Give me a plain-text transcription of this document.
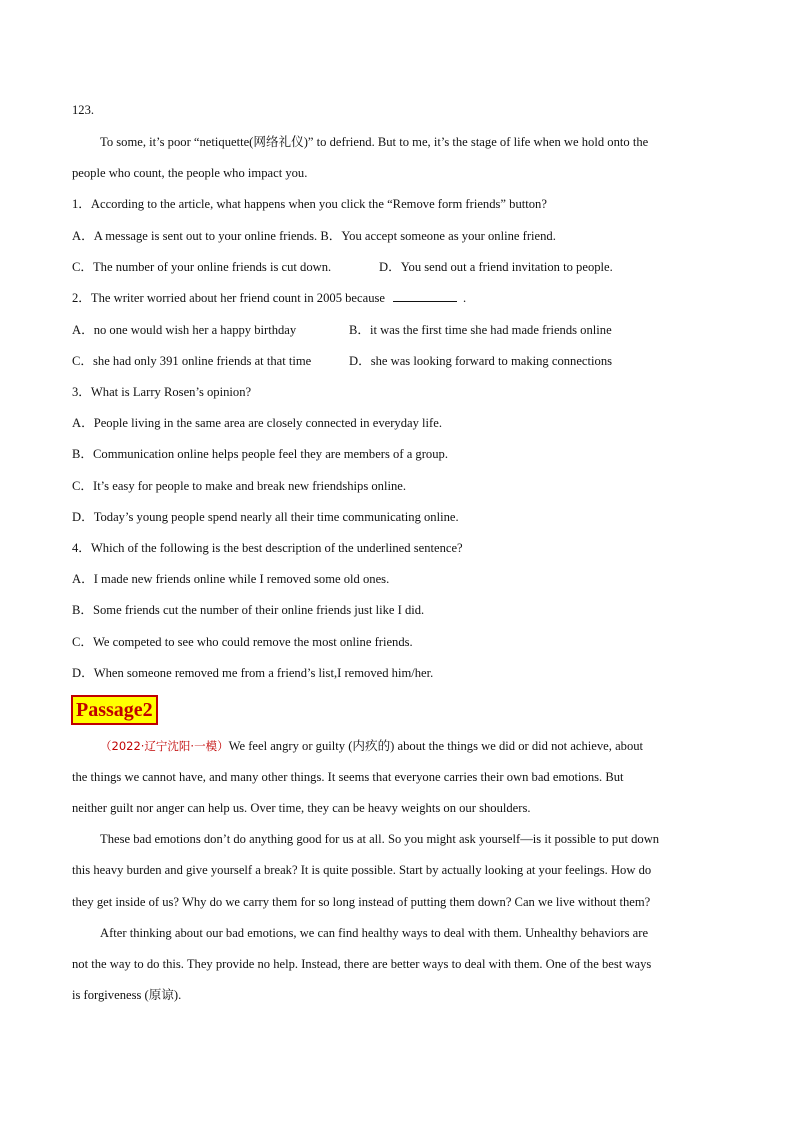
123.
To some, it’s poor “netiquette(网络礼仪)” to defriend. But to me, it’s the stage of life when we hold onto the
people who count, the people who impact you.
1．According to the article, what happens when you click the “Remove form friends” button?
A．A message is sent out to your online friends. B．You accept someone as your online friend.
C．The number of your online friends is cut down.	D．You send out a friend invitation to people.
2．The writer worried about her friend count in 2005 because	.
A．no one would wish her a happy birthday	B．it was the first time she had made friends online
C．she had only 391 online friends at that time	D．she was looking forward to making connections
3．What is Larry Rosen’s opinion?
A．People living in the same area are closely connected in everyday life.
B．Communication online helps people feel they are members of a group.
C．It’s easy for people to make and break new friendships online.
D．Today’s young people spend nearly all their time communicating online.
4．Which of the following is the best description of the underlined sentence?
A．I made new friends online while I removed some old ones.
B．Some friends cut the number of their online friends just like I did.
C．We competed to see who could remove the most online friends.
D．When someone removed me from a friend’s list,I removed him/her.
Passage2
（2022·辽宁沈阳·一模）We feel angry or guilty (内疚的) about the things we did or did not achieve, about
the things we cannot have, and many other things. It seems that everyone carries their own bad emotions. But
neither guilt nor anger can help us. Over time, they can be heavy weights on our shoulders.
These bad emotions don’t do anything good for us at all. So you might ask yourself—is it possible to put down
this heavy burden and give yourself a break? It is quite possible. Start by actually looking at your feelings. How do
they get inside of us? Why do we carry them for so long instead of putting them down? Can we live without them?
After thinking about our bad emotions, we can find healthy ways to deal with them. Unhealthy behaviors are
not the way to do this. They provide no help. Instead, there are better ways to deal with them. One of the best ways
is forgiveness (原谅).
